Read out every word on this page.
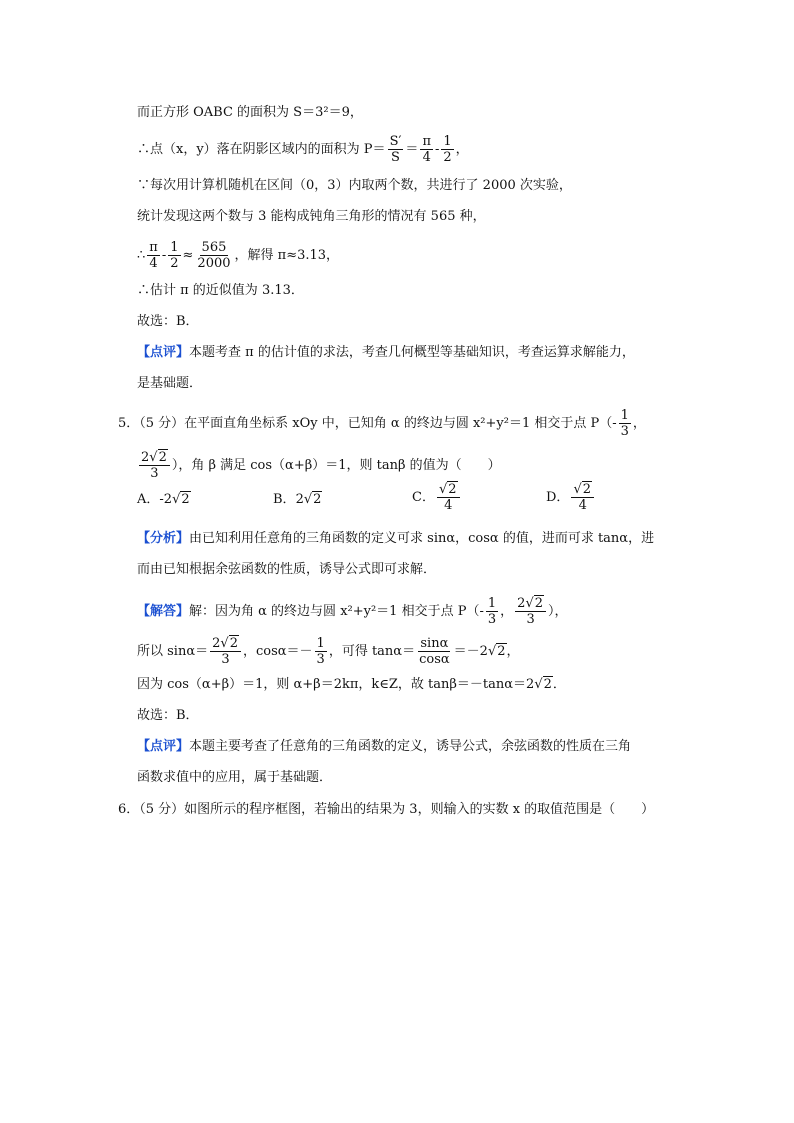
而正方形 OABC 的面积为 S＝3²＝9，
∴点（x，y）落在阴影区域内的面积为 $P= \frac{S'}{S} = \frac{\pi}{4} - \frac{1}{2}$ ，
∵每次用计算机随机在区间（0，3）内取两个数，共进行了 2000 次实验，
统计发现这两个数与 3 能构成钝角三角形的情况有 565 种，
∴ $\frac{\pi}{4} - \frac{1}{2} \approx \frac{565}{2000}$ ，解得 π≈3.13，
∴估计 π 的近似值为 3.13．
故选：B．
【点评】本题考查 π 的估计值的求法，考查几何概型等基础知识，考查运算求解能力，
是基础题．
5．（5 分）在平面直角坐标系 xOy 中，已知角 α 的终边与圆 x²+y²＝1 相交于点 $P(- \frac{1}{3}$ ，
$\frac{2√2}{3}$ ），角 β 满足 cos（α+β）＝1，则 tanβ 的值为（　　）
A．-2√2	B．2√2	C． $\frac{√2}{4}$	D． $\frac{√2}{4}$
【分析】由已知利用任意角的三角函数的定义可求 sinα，cosα 的值，进而可求 tanα，进
而由已知根据余弦函数的性质，诱导公式即可求解．
【解答】解：因为角 α 的终边与圆 x²+y²＝1 相交于点 $P(- \frac{1}{3}$ ， $\frac{2√2}{3}$ ），
所以 $\sin\alpha= \frac{2√2}{3}$ ，$\cos\alpha=- \frac{1}{3}$ ，可得 $\tan\alpha= \frac{\sin\alpha}{\cos\alpha} =-2√2$，
因为 cos（α+β）＝1，则 α+β＝2kπ，k∈Z，故 tanβ＝－tanα＝2√2．
故选：B．
【点评】本题主要考查了任意角的三角函数的定义，诱导公式，余弦函数的性质在三角
函数求值中的应用，属于基础题．
6．（5 分）如图所示的程序框图，若输出的结果为 3，则输入的实数 x 的取值范围是（　　）
